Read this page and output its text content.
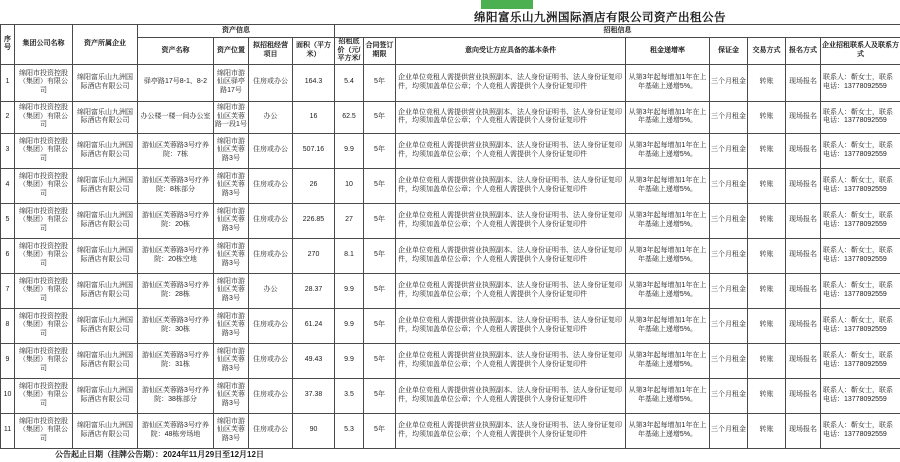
绵阳富乐山九洲国际酒店有限公司资产出租公告
序号	集团公司名称	资产所属企业	资产信息				招租信息							
			资产名称	资产位置	拟招租经营项目	面积（平方米）	招租底价（元/平方米/	合同签订期限	意向受让方应具备的基本条件	租金递增率	保证金	交易方式	报名方式	企业招租联系人及联系方式
1	绵阳市投资控股（集团）有限公司	绵阳富乐山九洲国际酒店有限公司	驿亭路17号8-1、8-2	绵阳市游仙区驿亭路17号	住房或办公	164.3	5.4	5年	企业单位竞租人需提供营业执照副本、法人身份证明书、法人身份证复印件，均须加盖单位公章；个人竞租人需提供个人身份证复印件	从第3年起每增加1年在上年基础上递增5%。	三个月租金	转账	现场报名	联系人：靳女士，联系电话：13778092559
2	绵阳市投资控股（集团）有限公司	绵阳富乐山九洲国际酒店有限公司	办公楼一楼一间办公室	绵阳市游仙区芙蓉路一段1号	办公	16	62.5	5年	企业单位竞租人需提供营业执照副本、法人身份证明书、法人身份证复印件，均须加盖单位公章；个人竞租人需提供个人身份证复印件	从第3年起每增加1年在上年基础上递增5%。	三个月租金	转账	现场报名	联系人：靳女士，联系电话：13778092559
3	绵阳市投资控股（集团）有限公司	绵阳富乐山九洲国际酒店有限公司	游仙区芙蓉路3号疗养院：7栋	绵阳市游仙区芙蓉路3号	住房或办公	507.16	9.9	5年	企业单位竞租人需提供营业执照副本、法人身份证明书、法人身份证复印件，均须加盖单位公章；个人竞租人需提供个人身份证复印件	从第3年起每增加1年在上年基础上递增5%。	三个月租金	转账	现场报名	联系人：靳女士，联系电话：13778092559
4	绵阳市投资控股（集团）有限公司	绵阳富乐山九洲国际酒店有限公司	游仙区芙蓉路3号疗养院：8栋部分	绵阳市游仙区芙蓉路3号	住房或办公	26	10	5年	企业单位竞租人需提供营业执照副本、法人身份证明书、法人身份证复印件，均须加盖单位公章；个人竞租人需提供个人身份证复印件	从第3年起每增加1年在上年基础上递增5%。	三个月租金	转账	现场报名	联系人：靳女士，联系电话：13778092559
5	绵阳市投资控股（集团）有限公司	绵阳富乐山九洲国际酒店有限公司	游仙区芙蓉路3号疗养院：20栋	绵阳市游仙区芙蓉路3号	住房或办公	226.85	27	5年	企业单位竞租人需提供营业执照副本、法人身份证明书、法人身份证复印件，均须加盖单位公章；个人竞租人需提供个人身份证复印件	从第3年起每增加1年在上年基础上递增5%。	三个月租金	转账	现场报名	联系人：靳女士，联系电话：13778092559
6	绵阳市投资控股（集团）有限公司	绵阳富乐山九洲国际酒店有限公司	游仙区芙蓉路3号疗养院：20栋空地	绵阳市游仙区芙蓉路3号	住房或办公	270	8.1	5年	企业单位竞租人需提供营业执照副本、法人身份证明书、法人身份证复印件，均须加盖单位公章；个人竞租人需提供个人身份证复印件	从第3年起每增加1年在上年基础上递增5%。	三个月租金	转账	现场报名	联系人：靳女士，联系电话：13778092559
7	绵阳市投资控股（集团）有限公司	绵阳富乐山九洲国际酒店有限公司	游仙区芙蓉路3号疗养院：28栋	绵阳市游仙区芙蓉路3号	办公	28.37	9.9	5年	企业单位竞租人需提供营业执照副本、法人身份证明书、法人身份证复印件，均须加盖单位公章；个人竞租人需提供个人身份证复印件	从第3年起每增加1年在上年基础上递增5%。	三个月租金	转账	现场报名	联系人：靳女士，联系电话：13778092559
8	绵阳市投资控股（集团）有限公司	绵阳富乐山九洲国际酒店有限公司	游仙区芙蓉路3号疗养院：30栋	绵阳市游仙区芙蓉路3号	住房或办公	61.24	9.9	5年	企业单位竞租人需提供营业执照副本、法人身份证明书、法人身份证复印件，均须加盖单位公章；个人竞租人需提供个人身份证复印件	从第3年起每增加1年在上年基础上递增5%。	三个月租金	转账	现场报名	联系人：靳女士，联系电话：13778092559
9	绵阳市投资控股（集团）有限公司	绵阳富乐山九洲国际酒店有限公司	游仙区芙蓉路3号疗养院：31栋	绵阳市游仙区芙蓉路3号	住房或办公	49.43	9.9	5年	企业单位竞租人需提供营业执照副本、法人身份证明书、法人身份证复印件，均须加盖单位公章；个人竞租人需提供个人身份证复印件	从第3年起每增加1年在上年基础上递增5%。	三个月租金	转账	现场报名	联系人：靳女士，联系电话：13778092559
10	绵阳市投资控股（集团）有限公司	绵阳富乐山九洲国际酒店有限公司	游仙区芙蓉路3号疗养院：38栋部分	绵阳市游仙区芙蓉路3号	住房或办公	37.38	3.5	5年	企业单位竞租人需提供营业执照副本、法人身份证明书、法人身份证复印件，均须加盖单位公章；个人竞租人需提供个人身份证复印件	从第3年起每增加1年在上年基础上递增5%。	三个月租金	转账	现场报名	联系人：靳女士，联系电话：13778092559
11	绵阳市投资控股（集团）有限公司	绵阳富乐山九洲国际酒店有限公司	游仙区芙蓉路3号疗养院：48栋旁场地	绵阳市游仙区芙蓉路3号	住房或办公	90	5.3	5年	企业单位竞租人需提供营业执照副本、法人身份证明书、法人身份证复印件，均须加盖单位公章；个人竞租人需提供个人身份证复印件	从第3年起每增加1年在上年基础上递增5%。	三个月租金	转账	现场报名	联系人：靳女士，联系电话：13778092559
公告起止日期（挂牌公告期）：2024年11月29日至12月12日
